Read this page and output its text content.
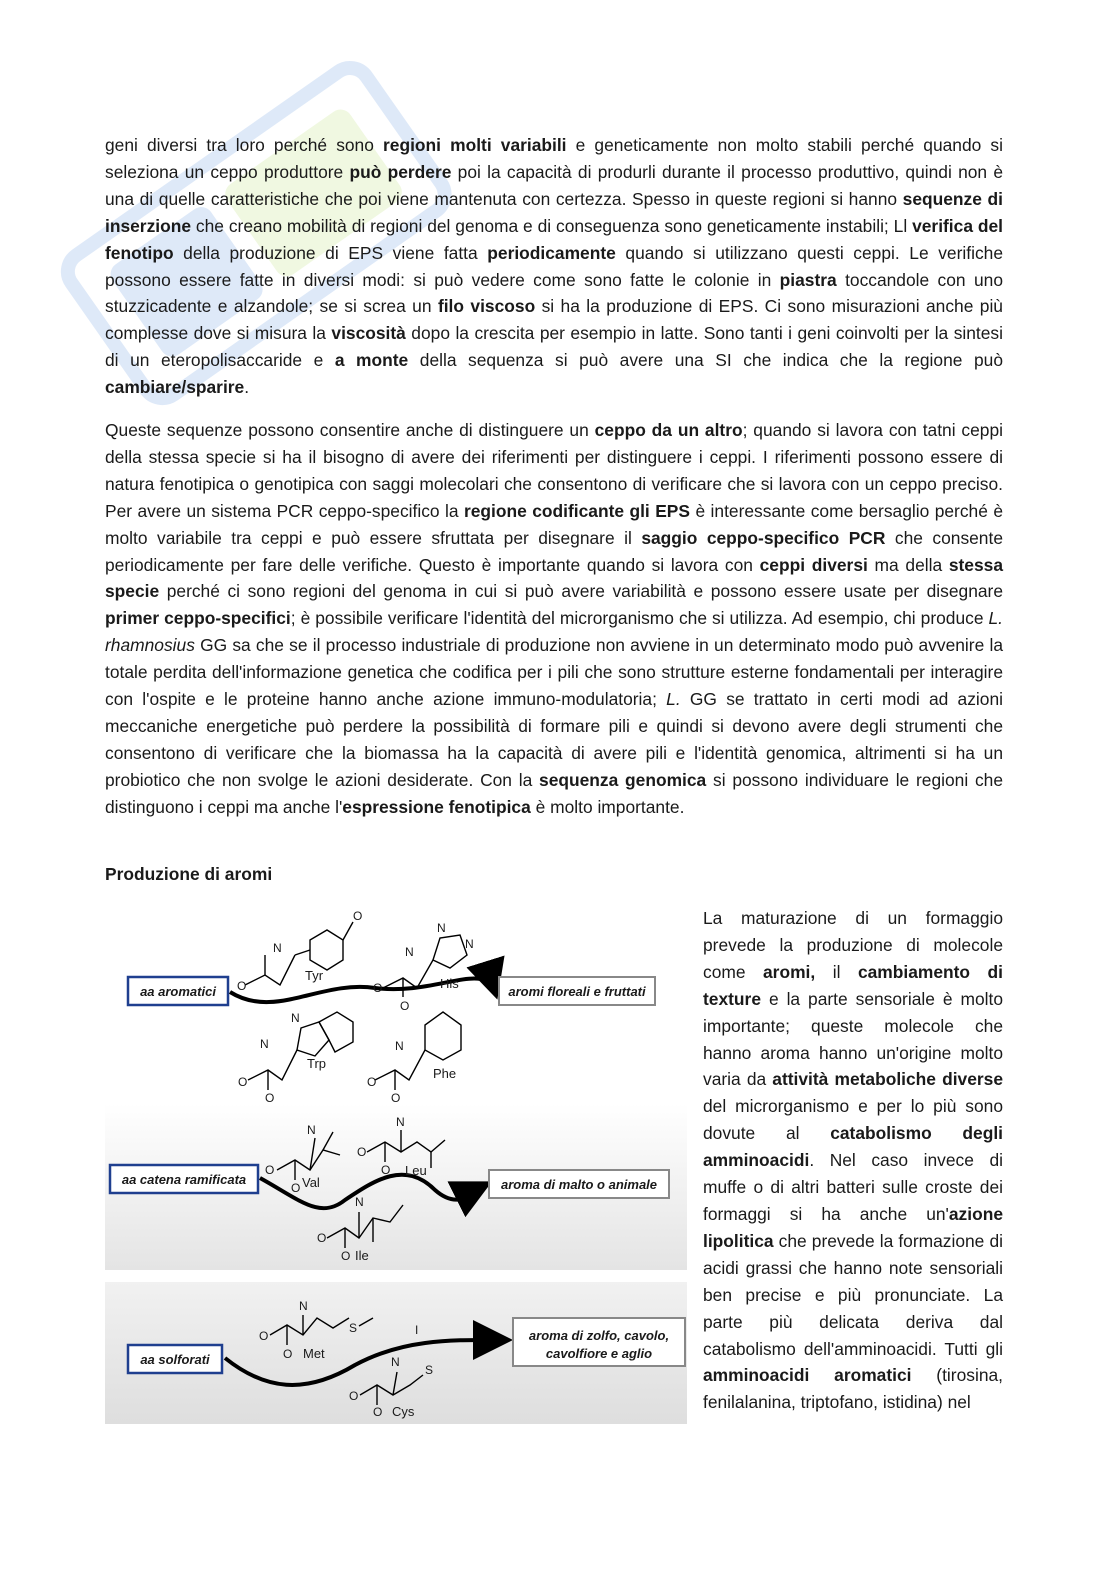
geni diversi tra loro perché sono regioni molti variabili e geneticamente non molto stabili perché quando si seleziona un ceppo produttore può perdere poi la capacità di produrli durante il processo produttivo, quindi non è una di quelle caratteristiche che poi viene mantenuta con certezza. Spesso in queste regioni si hanno sequenze di inserzione che creano mobilità di regioni del genoma e di conseguenza sono geneticamente instabili; Ll verifica del fenotipo della produzione di EPS viene fatta periodicamente quando si utilizzano questi ceppi. Le verifiche possono essere fatte in diversi modi: si può vedere come sono fatte le colonie in piastra toccandole con uno stuzzicadente e alzandole; se si screa un filo viscoso si ha la produzione di EPS. Ci sono misurazioni anche più complesse dove si misura la viscosità dopo la crescita per esempio in latte. Sono tanti i geni coinvolti per la sintesi di un eteropolisaccaride e a monte della sequenza si può avere una SI che indica che la regione può cambiare/sparire.

Queste sequenze possono consentire anche di distinguere un ceppo da un altro; quando si lavora con tatni ceppi della stessa specie si ha il bisogno di avere dei riferimenti per distinguere i ceppi. I riferimenti possono essere di natura fenotipica o genotipica con saggi molecolari che consentono di verificare che si lavora con un ceppo preciso. Per avere un sistema PCR ceppo-specifico la regione codificante gli EPS è interessante come bersaglio perché è molto variabile tra ceppi e può essere sfruttata per disegnare il saggio ceppo-specifico PCR che consente periodicamente per fare delle verifiche. Questo è importante quando si lavora con ceppi diversi ma della stessa specie perché ci sono regioni del genoma in cui si può avere variabilità e possono essere usate per disegnare primer ceppo-specifici; è possibile verificare l'identità del microrganismo che si utilizza. Ad esempio, chi produce L. rhamnosius GG sa che se il processo industriale di produzione non avviene in un determinato modo può avvenire la totale perdita dell'informazione genetica che codifica per i pili che sono strutture esterne fondamentali per interagire con l'ospite e le proteine hanno anche azione immuno-modulatoria; L. GG se trattato in certi modi ad azioni meccaniche energetiche può perdere la possibilità di formare pili e quindi si devono avere degli strumenti che consentono di verificare che la biomassa ha la capacità di avere pili e l'identità genomica, altrimenti si ha un probiotico che non svolge le azioni desiderate. Con la sequenza genomica si possono individuare le regioni che distinguono i ceppi ma anche l'espressione fenotipica è molto importante.

Produzione di aromi
aa aromatici	aromi floreali e fruttati
N
O
O
Tyr
N
O
O
N
N
His
N
O
O
N
Trp
N
O
O
Phe
aa catena ramificata	aroma di malto o animale
N
O
O Val
N
O
O Leu
N
O
O Ile
aa solforati
I	aroma di zolfo, cavolo,
cavolfiore e aglio
N
O
O
S
Met
N
O
O
S
Cys

La maturazione di un formaggio prevede la produzione di molecole come aromi, il cambiamento di texture e la parte sensoriale è molto importante; queste molecole che hanno aroma hanno un'origine molto varia da attività metaboliche diverse del microrganismo e per lo più sono dovute al catabolismo degli amminoacidi. Nel caso invece di muffe o di altri batteri sulle croste dei formaggi si ha anche un'azione lipolitica che prevede la formazione di acidi grassi che hanno note sensoriali ben precise e più pronunciate. La parte più delicata deriva dal catabolismo dell'amminoacidi. Tutti gli amminoacidi aromatici (tirosina, fenilalanina, triptofano, istidina) nel
